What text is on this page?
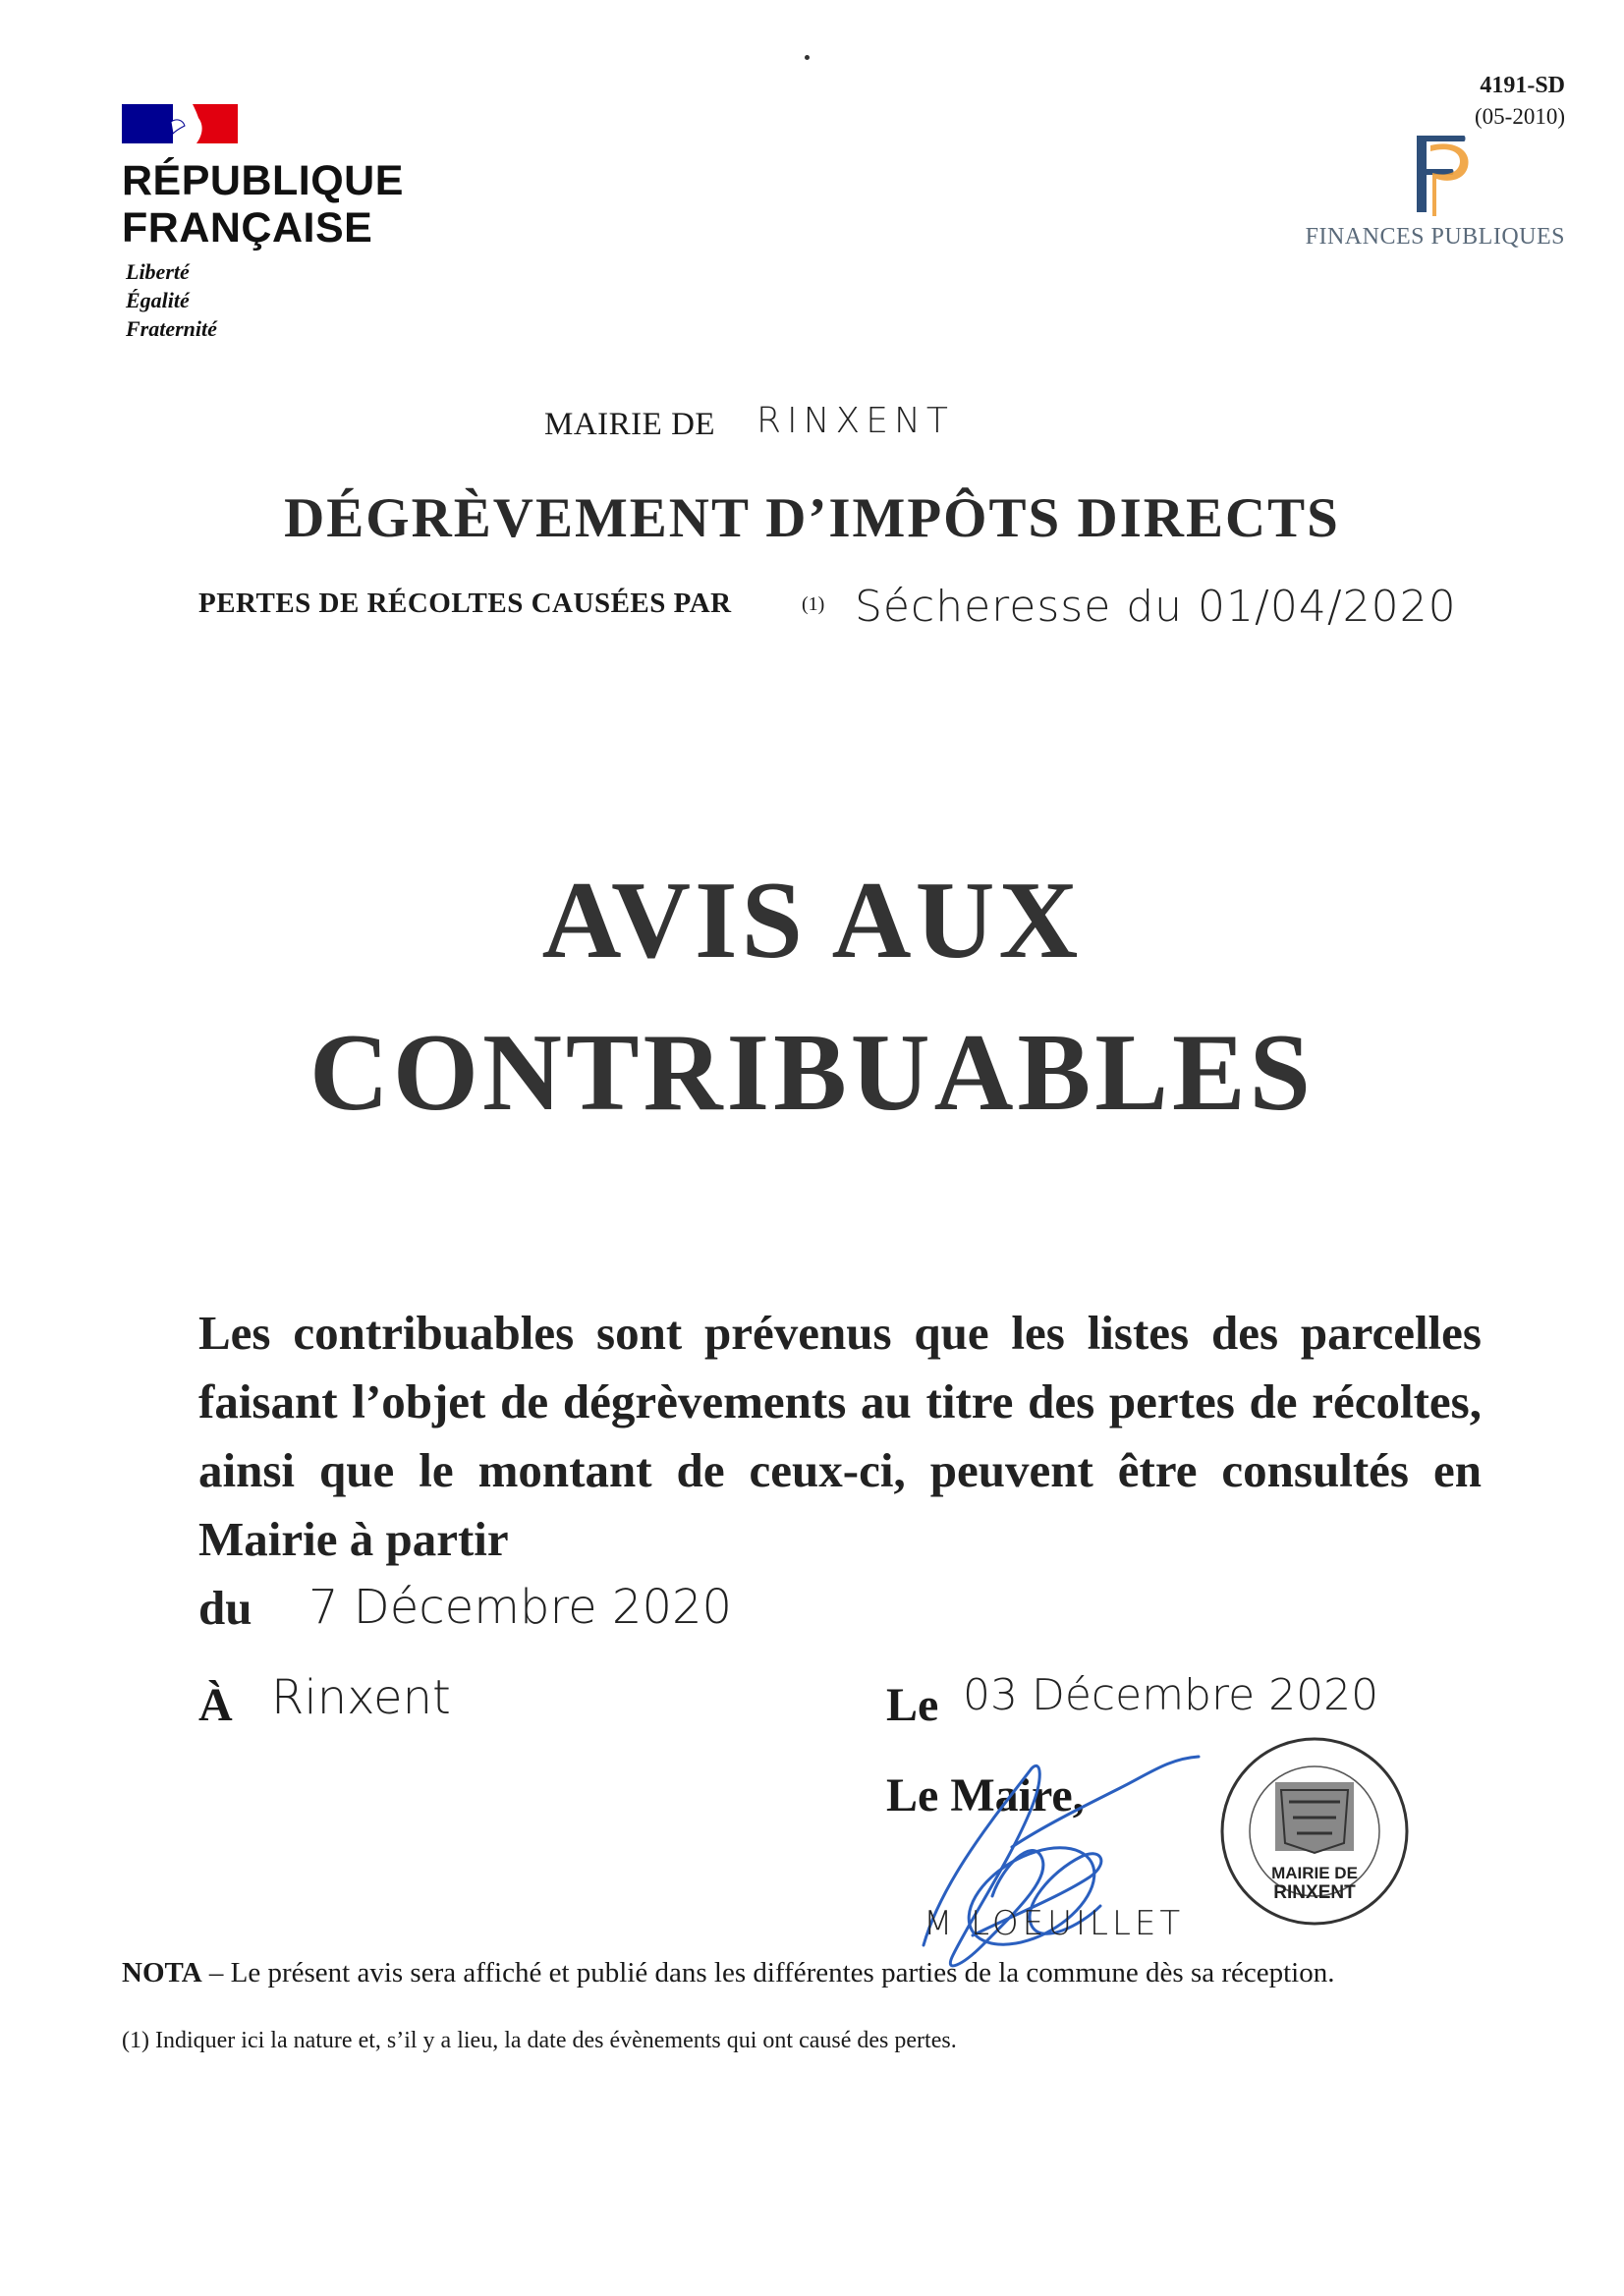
RÉPUBLIQUE
FRANÇAISE
Liberté
Égalité
Fraternité
4191-SD
(05-2010)
FINANCES PUBLIQUES
MAIRIE DE RINXENT
DÉGRÈVEMENT D’IMPÔTS DIRECTS
PERTES DE RÉCOLTES CAUSÉES PAR	(1) Sécheresse du 01/04/2020
AVIS AUX
CONTRIBUABLES
Les contribuables sont prévenus que les listes des parcelles faisant l’objet de dégrèvements au titre des pertes de récoltes, ainsi que le montant de ceux-ci, peuvent être consultés en Mairie à partir
du	7 Décembre 2020
À Rinxent	Le 03 Décembre 2020
Le Maire,
MAIRIE DE
RINXENT
M LOEUILLET
NOTA – Le présent avis sera affiché et publié dans les différentes parties de la commune dès sa réception.
(1) Indiquer ici la nature et, s’il y a lieu, la date des évènements qui ont causé des pertes.
